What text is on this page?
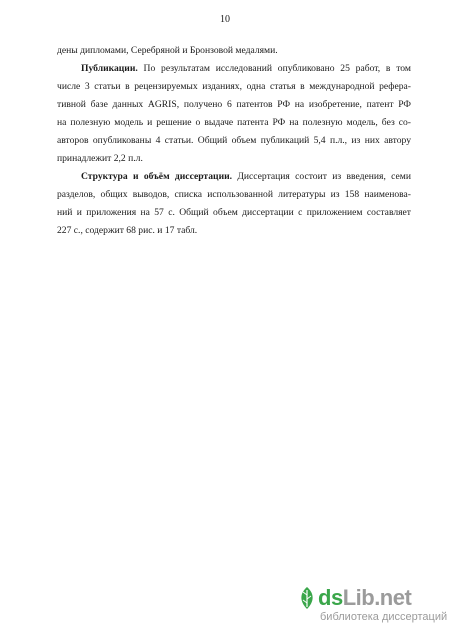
10
дены дипломами, Серебряной и Бронзовой медалями.
Публикации. По результатам исследований опубликовано 25 работ, в том
числе 3 статьи в рецензируемых изданиях, одна статья в международной рефера-
тивной базе данных AGRIS, получено 6 патентов РФ на изобретение, патент РФ
на полезную модель и решение о выдаче патента РФ на полезную модель, без со-
авторов опубликованы 4 статьи. Общий объем публикаций 5,4 п.л., из них автору
принадлежит 2,2 п.л.
Структура и объём диссертации. Диссертация состоит из введения, семи
разделов, общих выводов, списка использованной литературы из 158 наименова-
ний и приложения на 57 с. Общий объем диссертации с приложением составляет
227 с., содержит 68 рис. и 17 табл.
dsLib.net
библиотека диссертаций
